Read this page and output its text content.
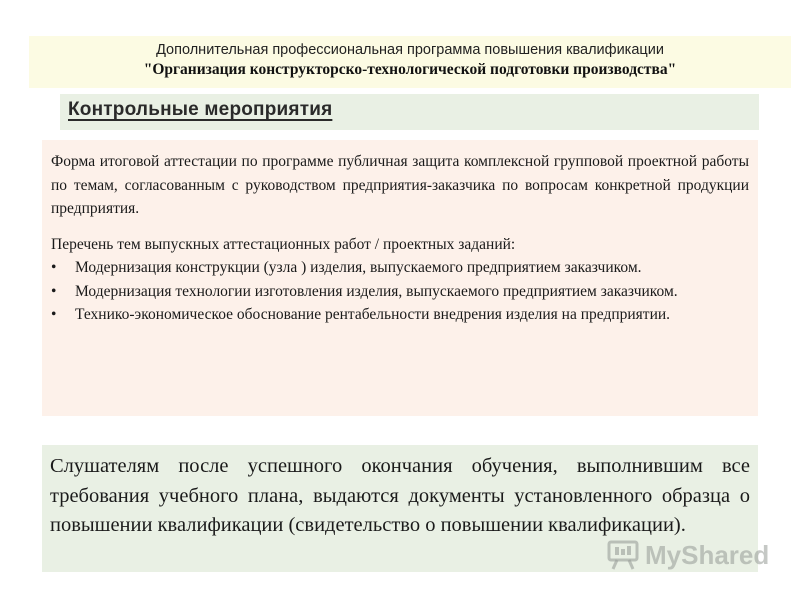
Дополнительная профессиональная программа повышения квалификации
"Организация конструкторско-технологической подготовки производства"
Контрольные мероприятия

Форма итоговой аттестации по программе публичная защита комплексной групповой проектной работы по темам, согласованным с руководством предприятия-заказчика по вопросам конкретной продукции предприятия.

Перечень тем выпускных аттестационных работ / проектных заданий:

•	Модернизация конструкции (узла ) изделия, выпускаемого предприятием заказчиком.
•	Модернизация технологии изготовления изделия, выпускаемого предприятием заказчиком.
•	Технико-экономическое обоснование рентабельности внедрения изделия на предприятии.

Слушателям после успешного окончания обучения, выполнившим все требования учебного плана, выдаются документы установленного образца о повышении квалификации (свидетельство о повышении квалификации).

MyShared
